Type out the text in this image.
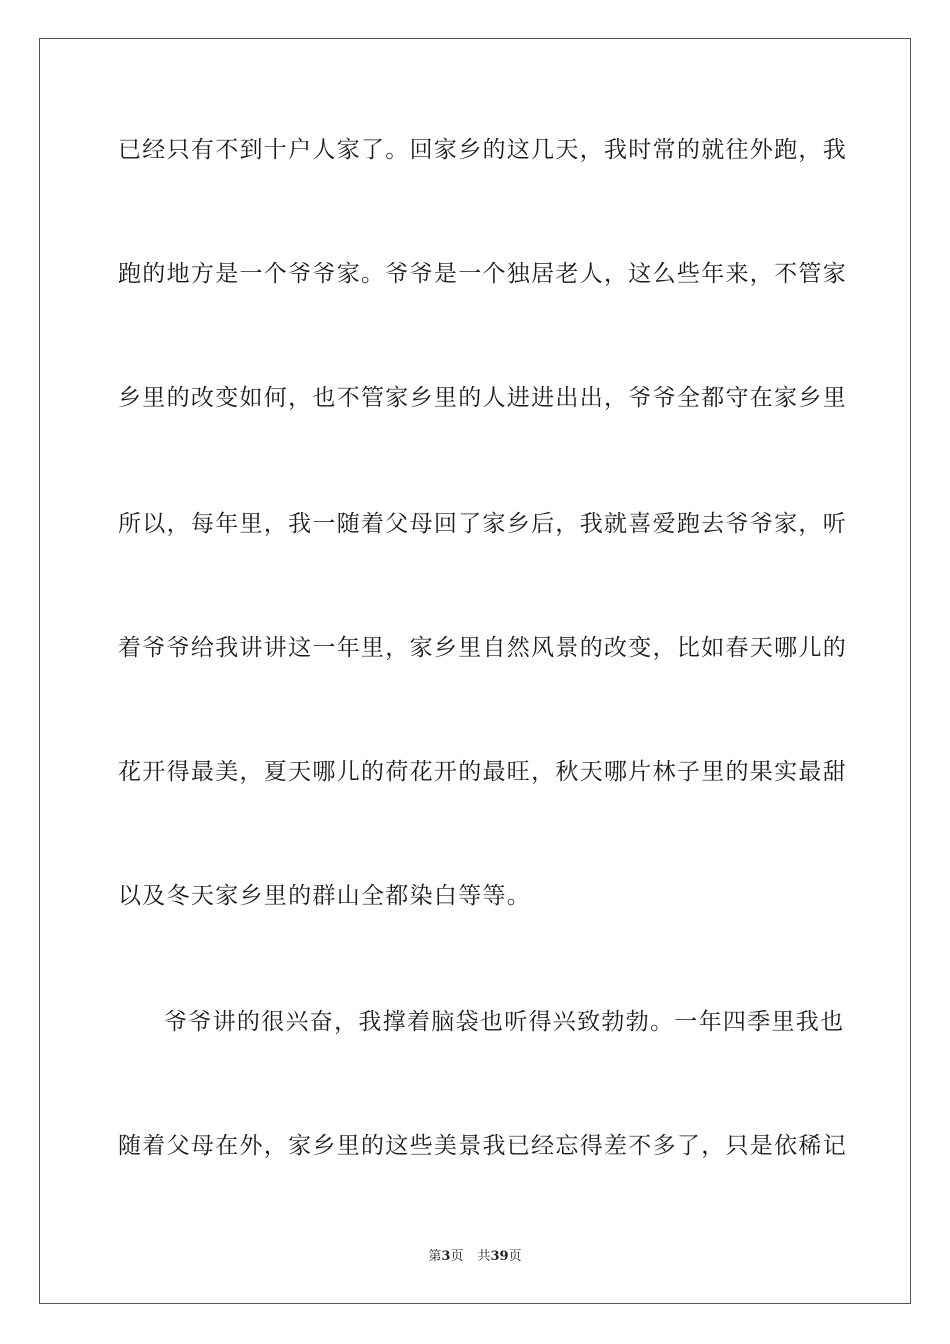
已经只有不到十户人家了。回家乡的这几天，我时常的就往外跑，我
跑的地方是一个爷爷家。爷爷是一个独居老人，这么些年来，不管家
乡里的改变如何，也不管家乡里的人进进出出，爷爷全都守在家乡里
所以，每年里，我一随着父母回了家乡后，我就喜爱跑去爷爷家，听
着爷爷给我讲讲这一年里，家乡里自然风景的改变，比如春天哪儿的
花开得最美，夏天哪儿的荷花开的最旺，秋天哪片林子里的果实最甜
以及冬天家乡里的群山全都染白等等。
爷爷讲的很兴奋，我撑着脑袋也听得兴致勃勃。一年四季里我也
随着父母在外，家乡里的这些美景我已经忘得差不多了，只是依稀记
第3页 共39页
